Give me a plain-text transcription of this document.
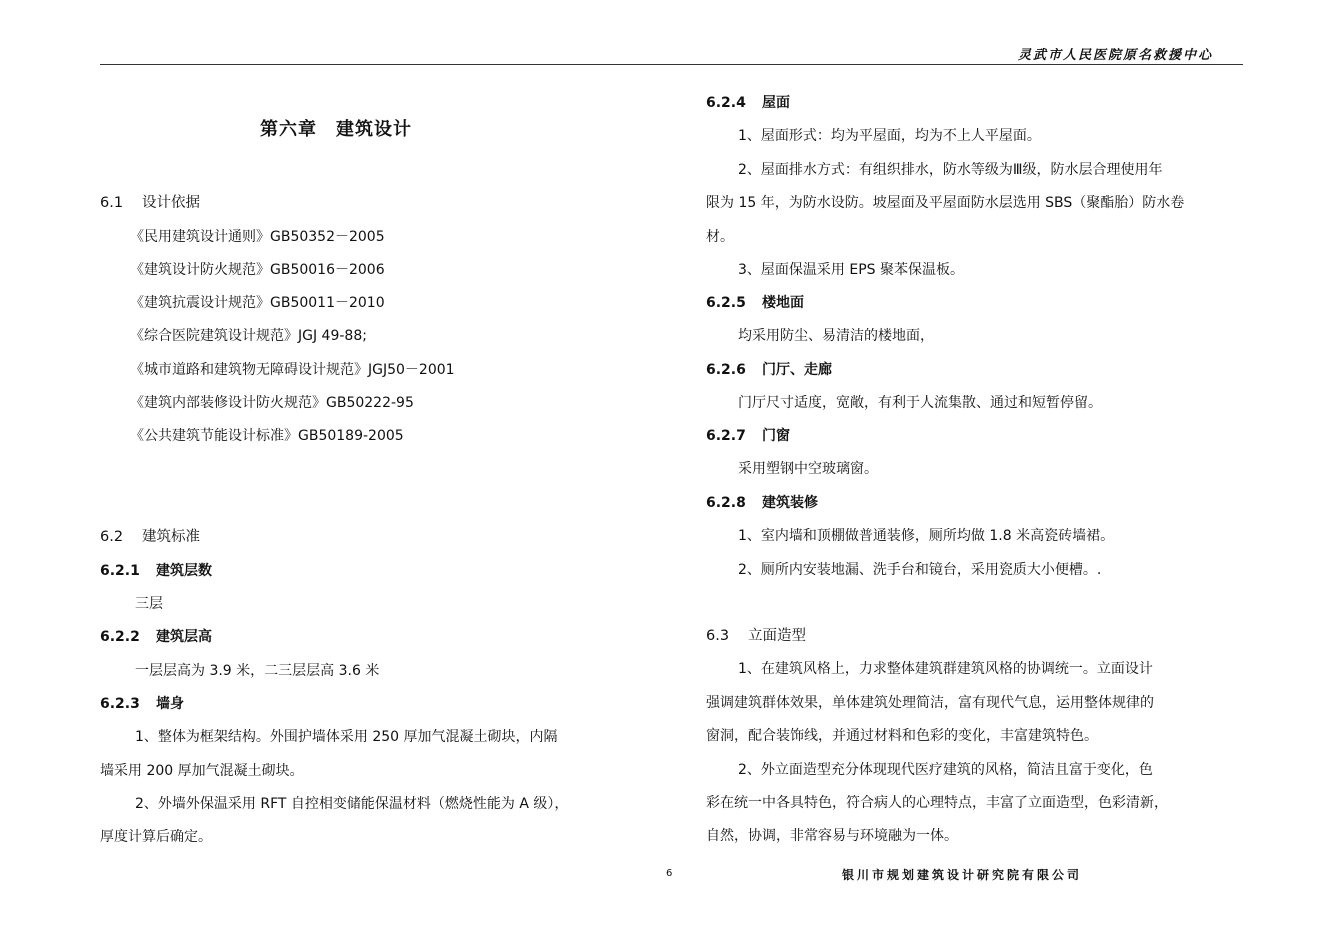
灵武市人民医院原名救援中心
第六章　建筑设计
6.1 设计依据
《民用建筑设计通则》GB50352－2005
《建筑设计防火规范》GB50016－2006
《建筑抗震设计规范》GB50011－2010
《综合医院建筑设计规范》JGJ 49-88;
《城市道路和建筑物无障碍设计规范》JGJ50－2001
《建筑内部装修设计防火规范》GB50222-95
《公共建筑节能设计标准》GB50189-2005
6.2 建筑标准
6.2.1 建筑层数
三层
6.2.2 建筑层高
一层层高为 3.9 米，二三层层高 3.6 米
6.2.3 墙身
1、整体为框架结构。外围护墙体采用 250 厚加气混凝土砌块，内隔
墙采用 200 厚加气混凝土砌块。
2、外墙外保温采用 RFT 自控相变储能保温材料（燃烧性能为 A 级），
厚度计算后确定。
6.2.4 屋面
1、屋面形式：均为平屋面，均为不上人平屋面。
2、屋面排水方式：有组织排水，防水等级为Ⅲ级，防水层合理使用年
限为 15 年，为防水设防。坡屋面及平屋面防水层选用 SBS（聚酯胎）防水卷
材。
3、屋面保温采用 EPS 聚苯保温板。
6.2.5 楼地面
均采用防尘、易清洁的楼地面，
6.2.6 门厅、走廊
门厅尺寸适度，宽敞，有利于人流集散、通过和短暂停留。
6.2.7 门窗
采用塑钢中空玻璃窗。
6.2.8 建筑装修
1、室内墙和顶棚做普通装修，厕所均做 1.8 米高瓷砖墙裙。
2、厕所内安装地漏、洗手台和镜台，采用瓷质大小便槽。.
6.3 立面造型
1、在建筑风格上，力求整体建筑群建筑风格的协调统一。立面设计
强调建筑群体效果，单体建筑处理简洁，富有现代气息，运用整体规律的
窗洞，配合装饰线，并通过材料和色彩的变化，丰富建筑特色。
2、外立面造型充分体现现代医疗建筑的风格，简洁且富于变化，色
彩在统一中各具特色，符合病人的心理特点，丰富了立面造型，色彩清新，
自然，协调，非常容易与环境融为一体。
6	银川市规划建筑设计研究院有限公司
